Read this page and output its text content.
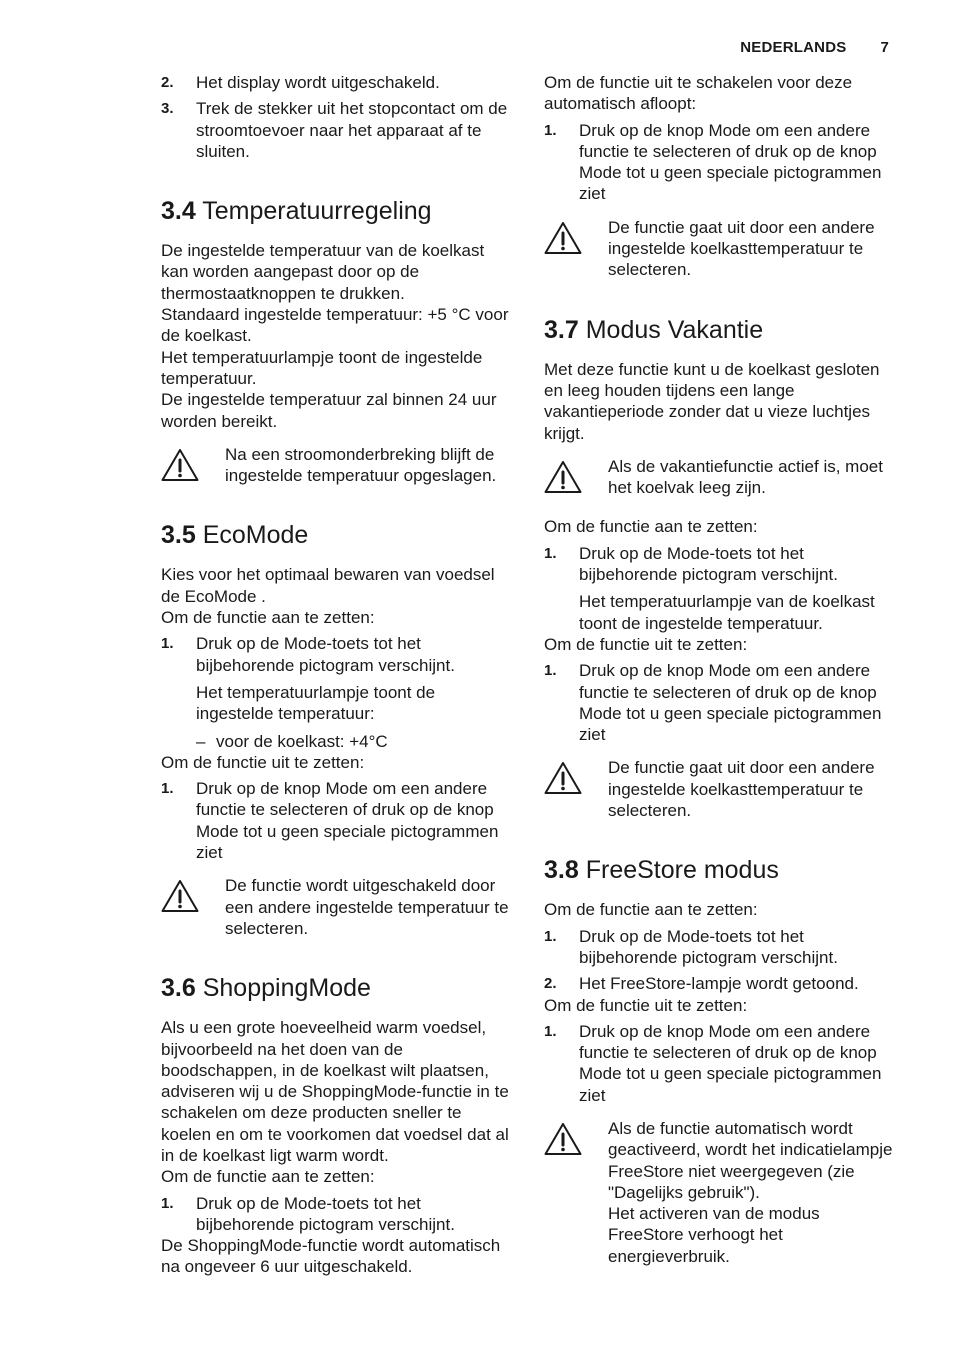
NEDERLANDS 7
2.	Het display wordt uitgeschakeld.
3.	Trek de stekker uit het stopcontact om de stroomtoevoer naar het apparaat af te sluiten.
3.4 Temperatuurregeling

De ingestelde temperatuur van de koelkast kan worden aangepast door op de thermostaatknoppen te drukken.

Standaard ingestelde temperatuur: +5 °C voor de koelkast.

Het temperatuurlampje toont de ingestelde temperatuur.

De ingestelde temperatuur zal binnen 24 uur worden bereikt.

Na een stroomonderbreking blijft de ingestelde temperatuur opgeslagen.
3.5 EcoMode

Kies voor het optimaal bewaren van voedsel de EcoMode .

Om de functie aan te zetten:

1.	Druk op de Mode-toets tot het bijbehorende pictogram verschijnt.

Het temperatuurlampje toont de ingestelde temperatuur:

– voor de koelkast: +4°C

Om de functie uit te zetten:

1.	Druk op de knop Mode om een andere functie te selecteren of druk op de knop Mode tot u geen speciale pictogrammen ziet
De functie wordt uitgeschakeld door een andere ingestelde temperatuur te selecteren.
3.6 ShoppingMode

Als u een grote hoeveelheid warm voedsel, bijvoorbeeld na het doen van de boodschappen, in de koelkast wilt plaatsen, adviseren wij u de ShoppingMode-functie in te schakelen om deze producten sneller te koelen en om te voorkomen dat voedsel dat al in de koelkast ligt warm wordt.

Om de functie aan te zetten:

1.	Druk op de Mode-toets tot het bijbehorende pictogram verschijnt.

De ShoppingMode-functie wordt automatisch na ongeveer 6 uur uitgeschakeld.

Om de functie uit te schakelen voor deze automatisch afloopt:

1.	Druk op de knop Mode om een andere functie te selecteren of druk op de knop Mode tot u geen speciale pictogrammen ziet
De functie gaat uit door een andere ingestelde koelkasttemperatuur te selecteren.
3.7 Modus Vakantie

Met deze functie kunt u de koelkast gesloten en leeg houden tijdens een lange vakantieperiode zonder dat u vieze luchtjes krijgt.

Als de vakantiefunctie actief is, moet het koelvak leeg zijn.

Om de functie aan te zetten:

1.	Druk op de Mode-toets tot het bijbehorende pictogram verschijnt.

Het temperatuurlampje van de koelkast toont de ingestelde temperatuur.

Om de functie uit te zetten:

1.	Druk op de knop Mode om een andere functie te selecteren of druk op de knop Mode tot u geen speciale pictogrammen ziet
De functie gaat uit door een andere ingestelde koelkasttemperatuur te selecteren.
3.8 FreeStore modus

Om de functie aan te zetten:

1.	Druk op de Mode-toets tot het bijbehorende pictogram verschijnt.
2.	Het FreeStore-lampje wordt getoond.

Om de functie uit te zetten:

1.	Druk op de knop Mode om een andere functie te selecteren of druk op de knop Mode tot u geen speciale pictogrammen ziet
Als de functie automatisch wordt geactiveerd, wordt het indicatielampje FreeStore niet weergegeven (zie "Dagelijks gebruik").
Het activeren van de modus FreeStore verhoogt het energieverbruik.
